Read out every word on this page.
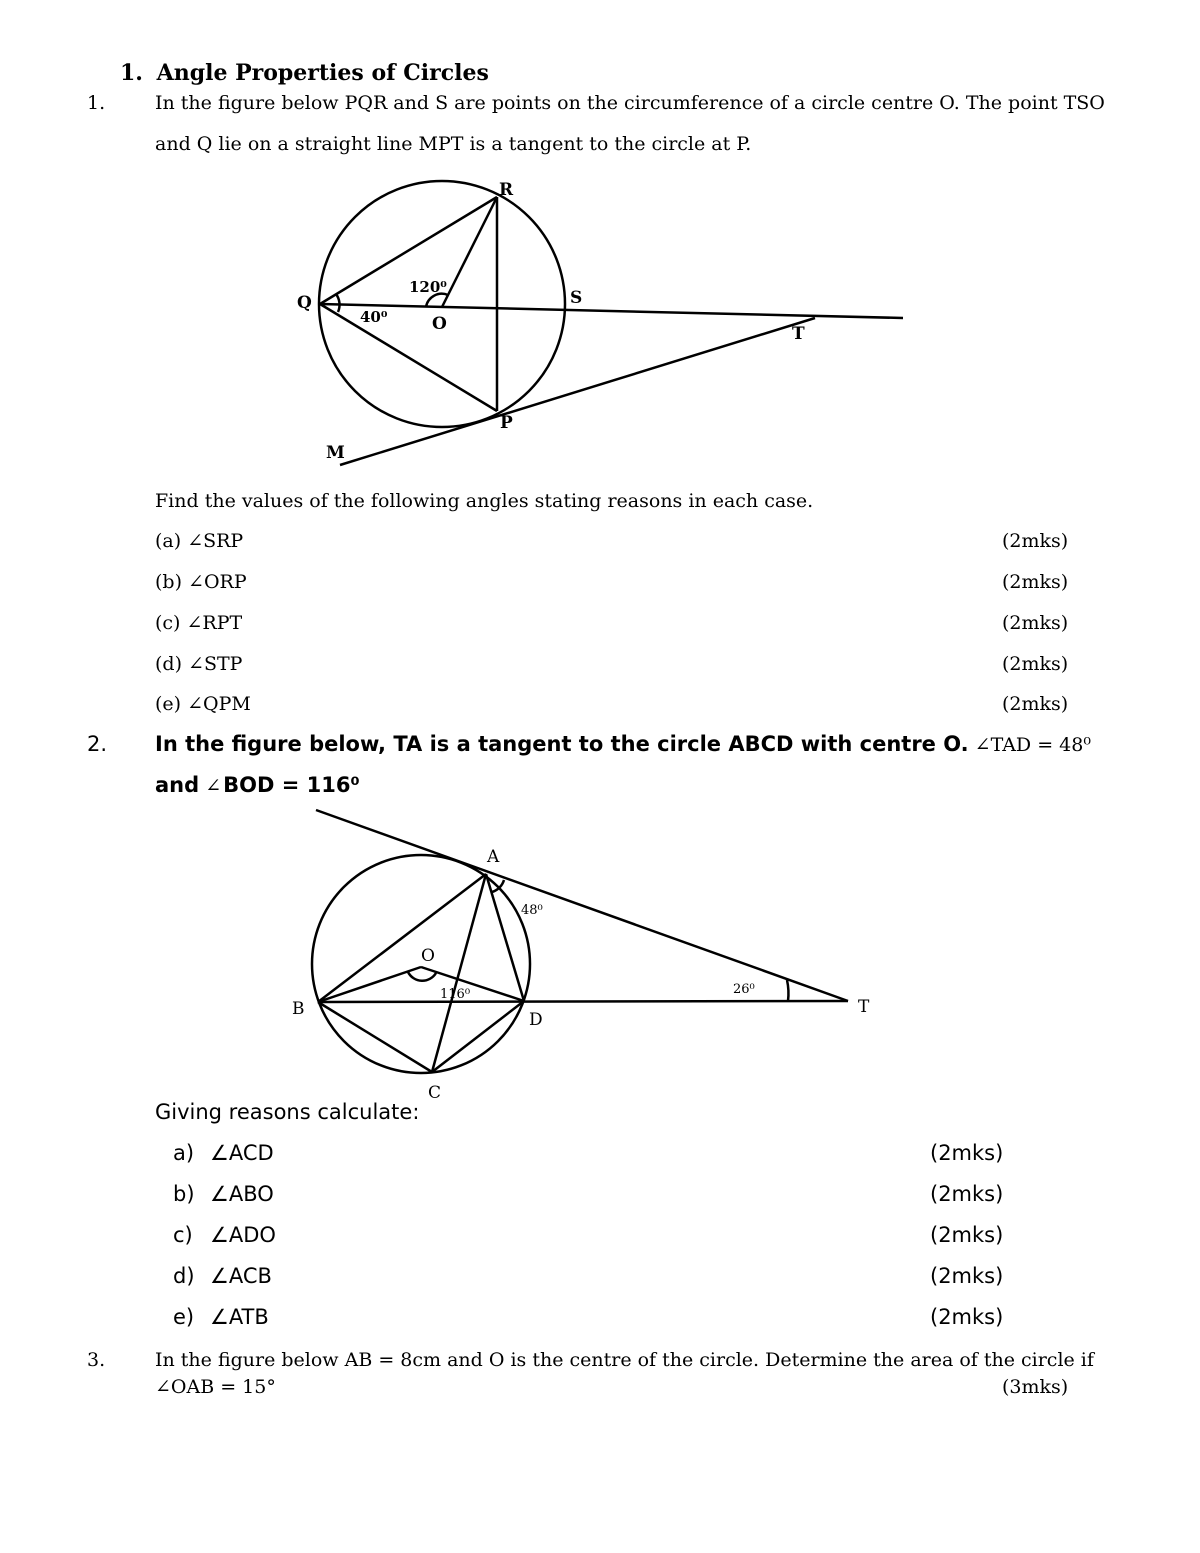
1. Angle Properties of Circles
1.	In the figure below PQR and S are points on the circumference of a circle centre O. The point TSO
and Q lie on a straight line MPT is a tangent to the circle at P.
R
Q	S
O	T
P
M
120⁰
40⁰
Find the values of the following angles stating reasons in each case.
(a) ∠SRP	(2mks)
(b) ∠ORP	(2mks)
(c) ∠RPT	(2mks)
(d) ∠STP	(2mks)
(e) ∠QPM	(2mks)
2. In the figure below, TA is a tangent to the circle ABCD with centre O. ∠TAD = 48⁰
and ∠BOD = 116⁰
A
O
B
D
T
C
48⁰
116⁰	26⁰
Giving reasons calculate:
a) ∠ACD	(2mks)
b) ∠ABO	(2mks)
c) ∠ADO	(2mks)
d) ∠ACB	(2mks)
e) ∠ATB	(2mks)
3.	In the figure below AB = 8cm and O is the centre of the circle. Determine the area of the circle if
∠OAB = 15°	(3mks)
